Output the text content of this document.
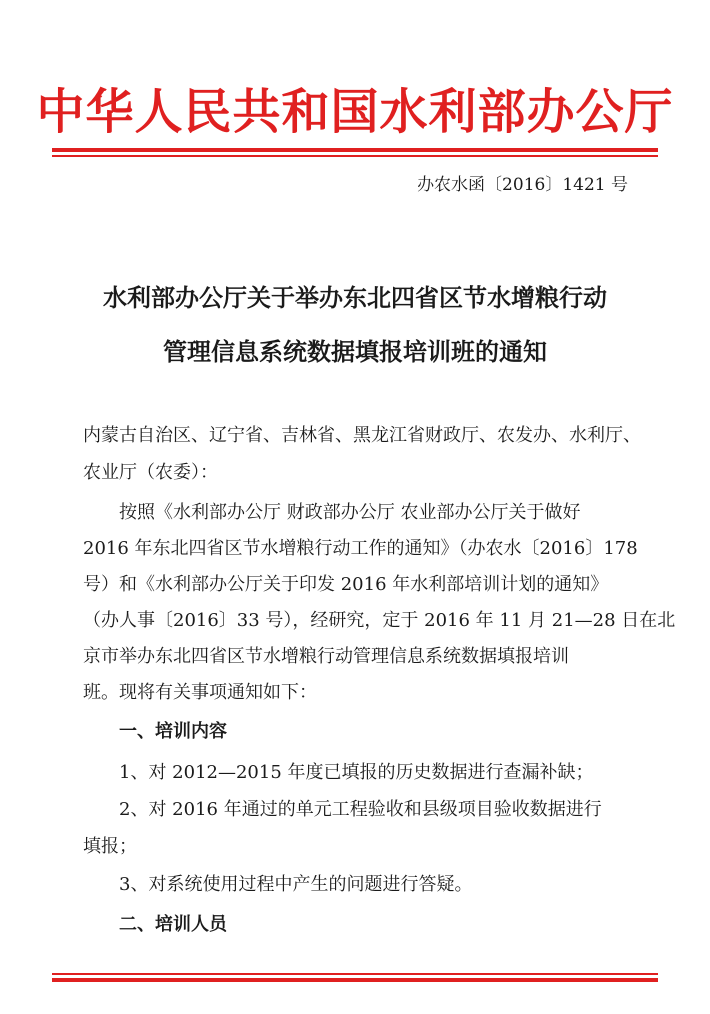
中华人民共和国水利部办公厅
办农水函〔2016〕1421 号
水利部办公厅关于举办东北四省区节水增粮行动
管理信息系统数据填报培训班的通知
内蒙古自治区、辽宁省、吉林省、黑龙江省财政厅、农发办、水利厅、
农业厅（农委）：
按照《水利部办公厅 财政部办公厅 农业部办公厅关于做好
2016 年东北四省区节水增粮行动工作的通知》（办农水〔2016〕178
号）和《水利部办公厅关于印发 2016 年水利部培训计划的通知》
（办人事〔2016〕33 号），经研究，定于 2016 年 11 月 21—28 日在北
京市举办东北四省区节水增粮行动管理信息系统数据填报培训
班。现将有关事项通知如下：
一、培训内容
1、对 2012—2015 年度已填报的历史数据进行查漏补缺；
2、对 2016 年通过的单元工程验收和县级项目验收数据进行
填报；
3、对系统使用过程中产生的问题进行答疑。
二、培训人员
